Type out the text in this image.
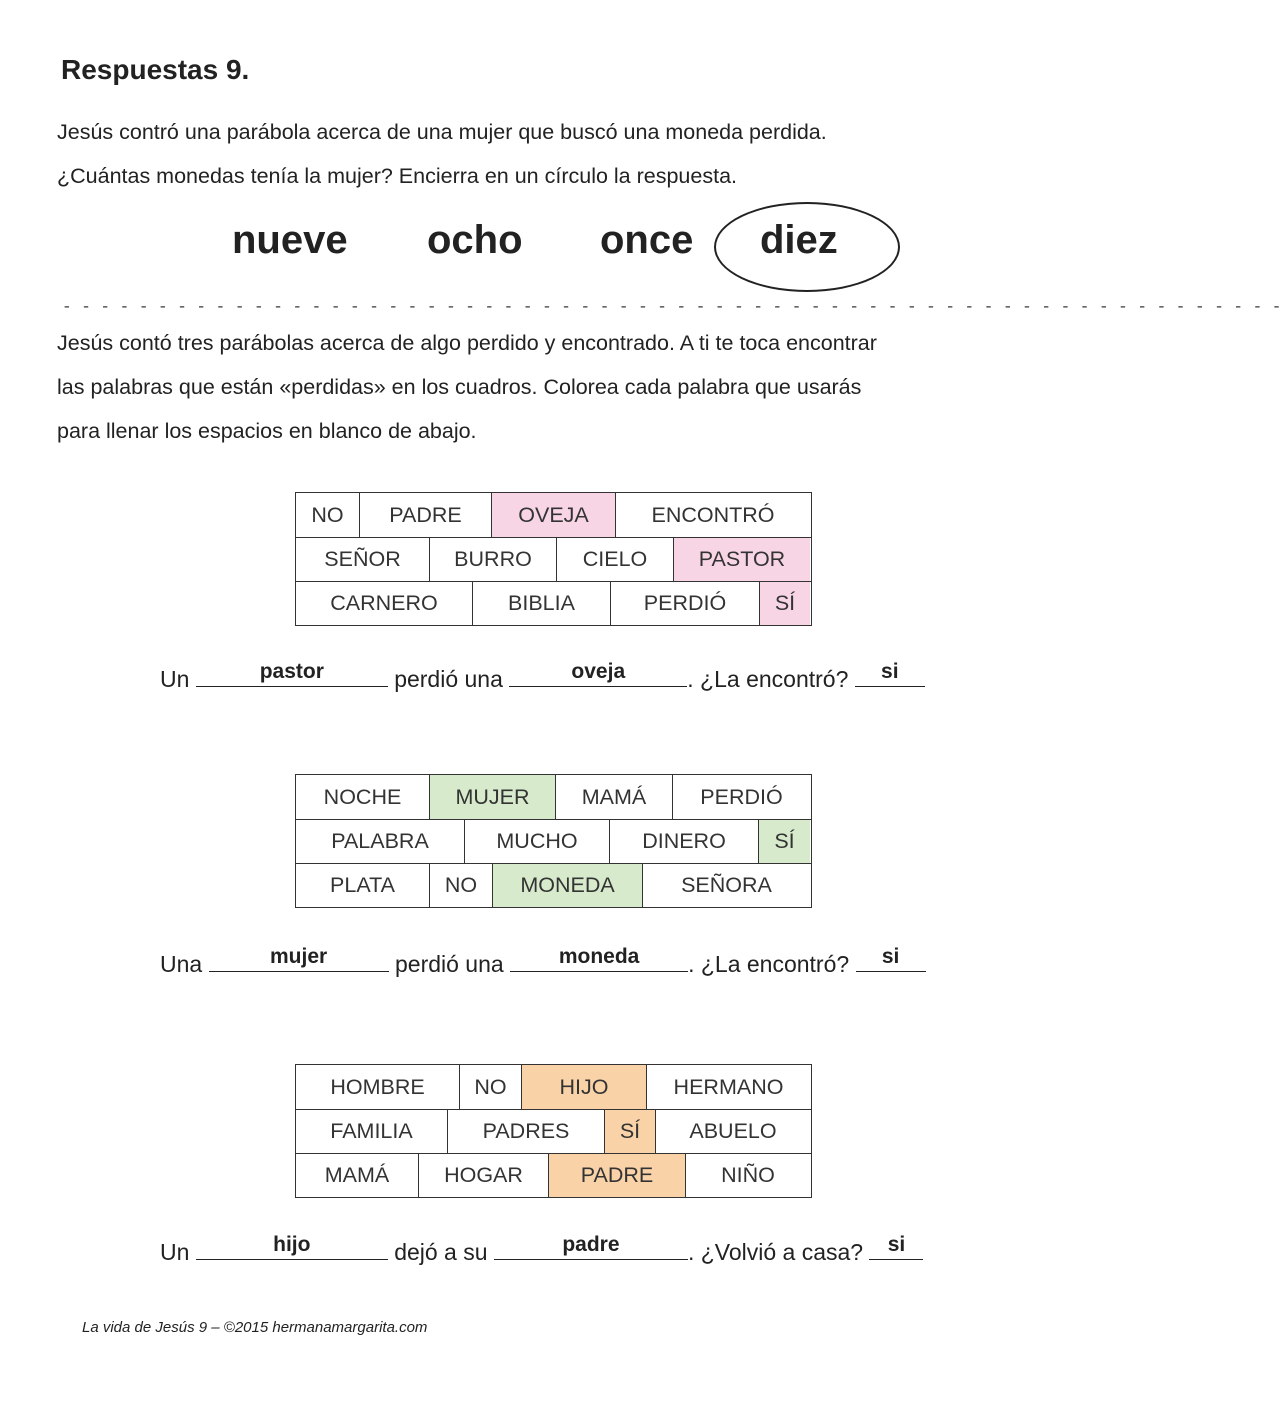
Respuestas 9.
Jesús contró una parábola acerca de una mujer que buscó una moneda perdida.
¿Cuántas monedas tenía la mujer? Encierra en un círculo la respuesta.
nueve ocho once diez
- - - - - - - - - - - - - - - - - - - - - - - - - - - - - - - - - - - - - - - - - - - - - - - - - - - - - - - - - - - - - - - -
Jesús contó tres parábolas acerca de algo perdido y encontrado. A ti te toca encontrar
las palabras que están «perdidas» en los cuadros. Colorea cada palabra que usarás
para llenar los espacios en blanco de abajo.
NO	PADRE	OVEJA	ENCONTRÓ
SEÑOR	BURRO	CIELO	PASTOR
CARNERO	BIBLIA	PERDIÓ	SÍ
Un	pastor	perdió una	oveja	. ¿La encontró?	si
NOCHE	MUJER	MAMÁ	PERDIÓ
PALABRA	MUCHO	DINERO	SÍ
PLATA	NO	MONEDA	SEÑORA
Una	mujer	perdió una	moneda	. ¿La encontró?	si
HOMBRE	NO	HIJO	HERMANO
FAMILIA	PADRES	SÍ	ABUELO
MAMÁ	HOGAR	PADRE	NIÑO
Un	hijo	dejó a su	padre	. ¿Volvió a casa?	si
La vida de Jesús 9 – ©2015 hermanamargarita.com
